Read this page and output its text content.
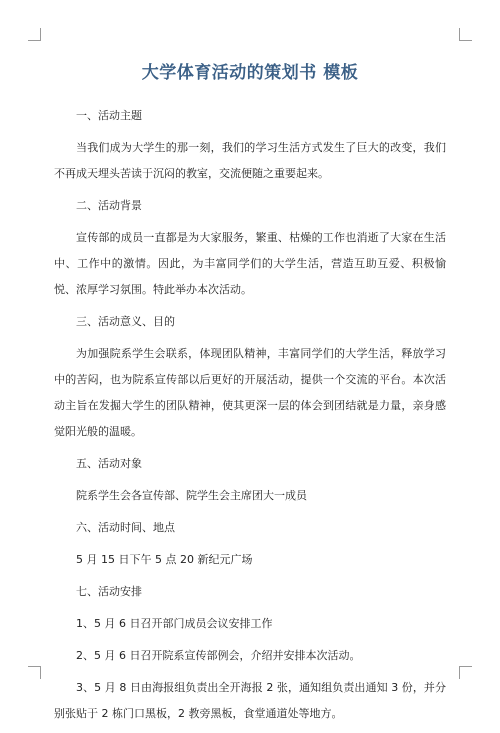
大学体育活动的策划书 模板
一、活动主题

当我们成为大学生的那一刻，我们的学习生活方式发生了巨大的改变，我们不再成天埋头苦读于沉闷的教室，交流便随之重要起来。

二、活动背景

宣传部的成员一直都是为大家服务，繁重、枯燥的工作也消逝了大家在生活中、工作中的激情。因此，为丰富同学们的大学生活，营造互助互爱、积极愉悦、浓厚学习氛围。特此举办本次活动。

三、活动意义、目的

为加强院系学生会联系，体现团队精神，丰富同学们的大学生活，释放学习中的苦闷，也为院系宣传部以后更好的开展活动，提供一个交流的平台。本次活动主旨在发掘大学生的团队精神，使其更深一层的体会到团结就是力量，亲身感觉阳光般的温暖。

五、活动对象
院系学生会各宣传部、院学生会主席团大一成员
六、活动时间、地点
5 月 15 日下午 5 点 20 新纪元广场
七、活动安排
1、5 月 6 日召开部门成员会议安排工作
2、5 月 6 日召开院系宣传部例会，介绍并安排本次活动。

3、5 月 8 日由海报组负责出全开海报 2 张，通知组负责出通知 3 份，并分别张贴于 2 栋门口黑板，2 教旁黑板，食堂通道处等地方。
